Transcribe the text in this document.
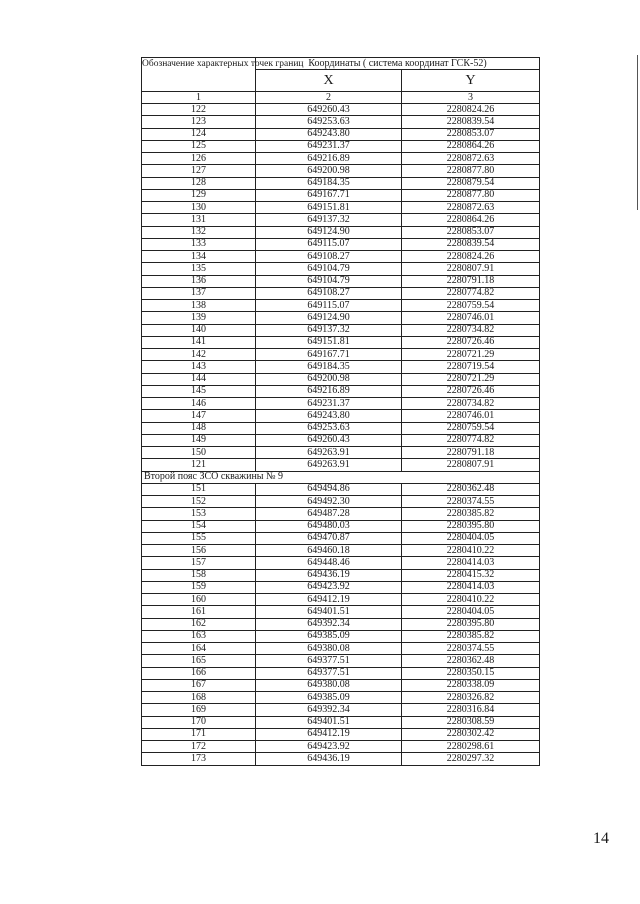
Обозначение характерных точек границ	Координаты ( система координат ГСК-52)	
	X	Y
1	2	3
122	649260.43	2280824.26
123	649253.63	2280839.54
124	649243.80	2280853.07
125	649231.37	2280864.26
126	649216.89	2280872.63
127	649200.98	2280877.80
128	649184.35	2280879.54
129	649167.71	2280877.80
130	649151.81	2280872.63
131	649137.32	2280864.26
132	649124.90	2280853.07
133	649115.07	2280839.54
134	649108.27	2280824.26
135	649104.79	2280807.91
136	649104.79	2280791.18
137	649108.27	2280774.82
138	649115.07	2280759.54
139	649124.90	2280746.01
140	649137.32	2280734.82
141	649151.81	2280726.46
142	649167.71	2280721.29
143	649184.35	2280719.54
144	649200.98	2280721.29
145	649216.89	2280726.46
146	649231.37	2280734.82
147	649243.80	2280746.01
148	649253.63	2280759.54
149	649260.43	2280774.82
150	649263.91	2280791.18
121	649263.91	2280807.91
Второй пояс ЗСО скважины № 9		
151	649494.86	2280362.48
152	649492.30	2280374.55
153	649487.28	2280385.82
154	649480.03	2280395.80
155	649470.87	2280404.05
156	649460.18	2280410.22
157	649448.46	2280414.03
158	649436.19	2280415.32
159	649423.92	2280414.03
160	649412.19	2280410.22
161	649401.51	2280404.05
162	649392.34	2280395.80
163	649385.09	2280385.82
164	649380.08	2280374.55
165	649377.51	2280362.48
166	649377.51	2280350.15
167	649380.08	2280338.09
168	649385.09	2280326.82
169	649392.34	2280316.84
170	649401.51	2280308.59
171	649412.19	2280302.42
172	649423.92	2280298.61
173	649436.19	2280297.32
14
